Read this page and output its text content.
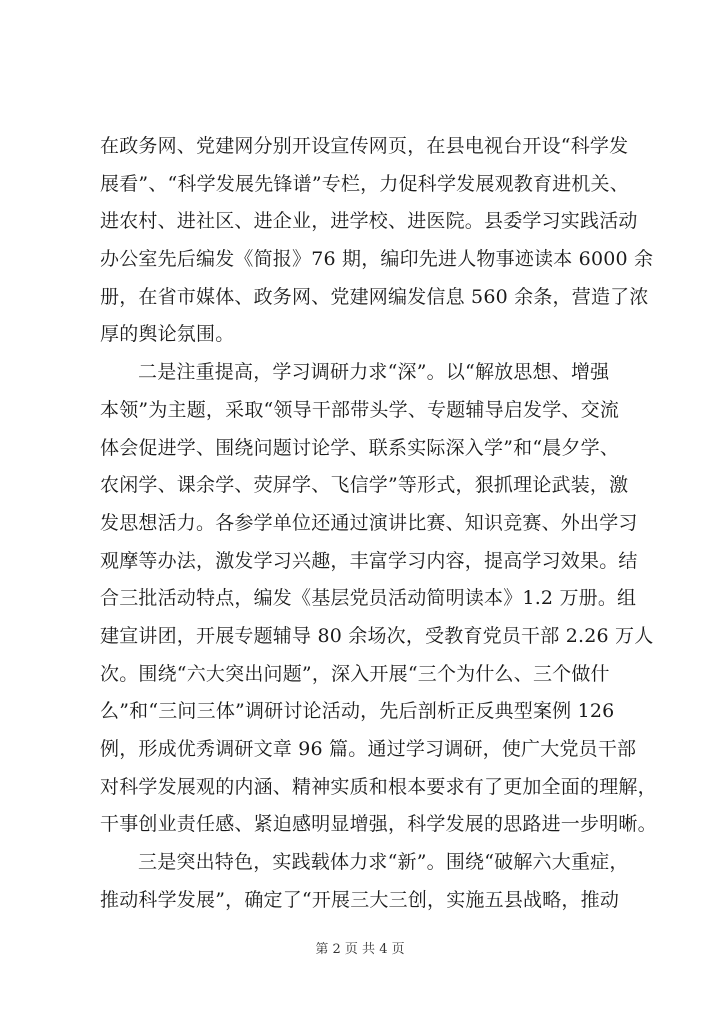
在政务网、党建网分别开设宣传网页，在县电视台开设“科学发
展看”、“科学发展先锋谱”专栏，力促科学发展观教育进机关、
进农村、进社区、进企业，进学校、进医院。县委学习实践活动
办公室先后编发《简报》76 期，编印先进人物事迹读本 6000 余
册，在省市媒体、政务网、党建网编发信息 560 余条，营造了浓
厚的舆论氛围。
二是注重提高，学习调研力求“深”。以“解放思想、增强
本领”为主题，采取“领导干部带头学、专题辅导启发学、交流
体会促进学、围绕问题讨论学、联系实际深入学”和“晨夕学、
农闲学、课余学、荧屏学、飞信学”等形式，狠抓理论武装，激
发思想活力。各参学单位还通过演讲比赛、知识竞赛、外出学习
观摩等办法，激发学习兴趣，丰富学习内容，提高学习效果。结
合三批活动特点，编发《基层党员活动简明读本》1.2 万册。组
建宣讲团，开展专题辅导 80 余场次，受教育党员干部 2.26 万人
次。围绕“六大突出问题”，深入开展“三个为什么、三个做什
么”和“三问三体”调研讨论活动，先后剖析正反典型案例 126
例，形成优秀调研文章 96 篇。通过学习调研，使广大党员干部
对科学发展观的内涵、精神实质和根本要求有了更加全面的理解，
干事创业责任感、紧迫感明显增强，科学发展的思路进一步明晰。
三是突出特色，实践载体力求“新”。围绕“破解六大重症，
推动科学发展”，确定了“开展三大三创，实施五县战略，推动
第 2 页 共 4 页
